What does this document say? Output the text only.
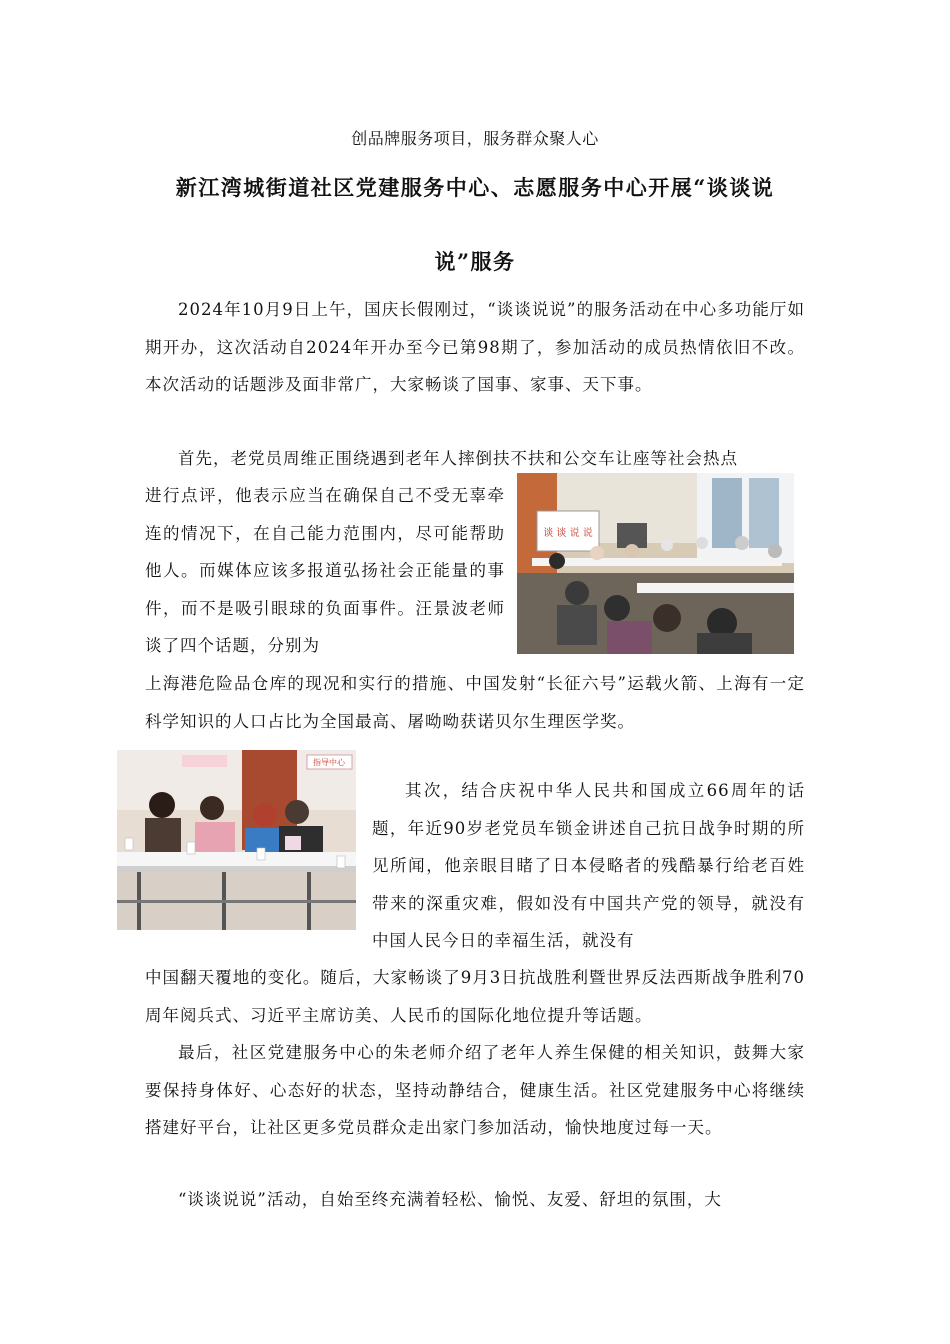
创品牌服务项目，服务群众聚人心
新江湾城街道社区党建服务中心、志愿服务中心开展“谈谈说
说”服务

2024年10月9日上午，国庆长假刚过，“谈谈说说”的服务活动在中心多功能厅如期开办，这次活动自2024年开办至今已第98期了，参加活动的成员热情依旧不改。本次活动的话题涉及面非常广，大家畅谈了国事、家事、天下事。

首先，老党员周维正围绕遇到老年人摔倒扶不扶和公交车让座等社会热点

进行点评，他表示应当在确保自己不受无辜牵连的情况下，在自己能力范围内，尽可能帮助他人。而媒体应该多报道弘扬社会正能量的事件，而不是吸引眼球的负面事件。汪景波老师谈了四个话题，分别为

谈 谈 说 说

上海港危险品仓库的现况和实行的措施、中国发射“长征六号”运载火箭、上海有一定科学知识的人口占比为全国最高、屠呦呦获诺贝尔生理医学奖。

指导中心

其次，结合庆祝中华人民共和国成立66周年的话题，年近90岁老党员车锁金讲述自己抗日战争时期的所见所闻，他亲眼目睹了日本侵略者的残酷暴行给老百姓带来的深重灾难，假如没有中国共产党的领导，就没有中国人民今日的幸福生活，就没有

中国翻天覆地的变化。随后，大家畅谈了9月3日抗战胜利暨世界反法西斯战争胜利70周年阅兵式、习近平主席访美、人民币的国际化地位提升等话题。

最后，社区党建服务中心的朱老师介绍了老年人养生保健的相关知识，鼓舞大家要保持身体好、心态好的状态，坚持动静结合，健康生活。社区党建服务中心将继续搭建好平台，让社区更多党员群众走出家门参加活动，愉快地度过每一天。

“谈谈说说”活动，自始至终充满着轻松、愉悦、友爱、舒坦的氛围，大
